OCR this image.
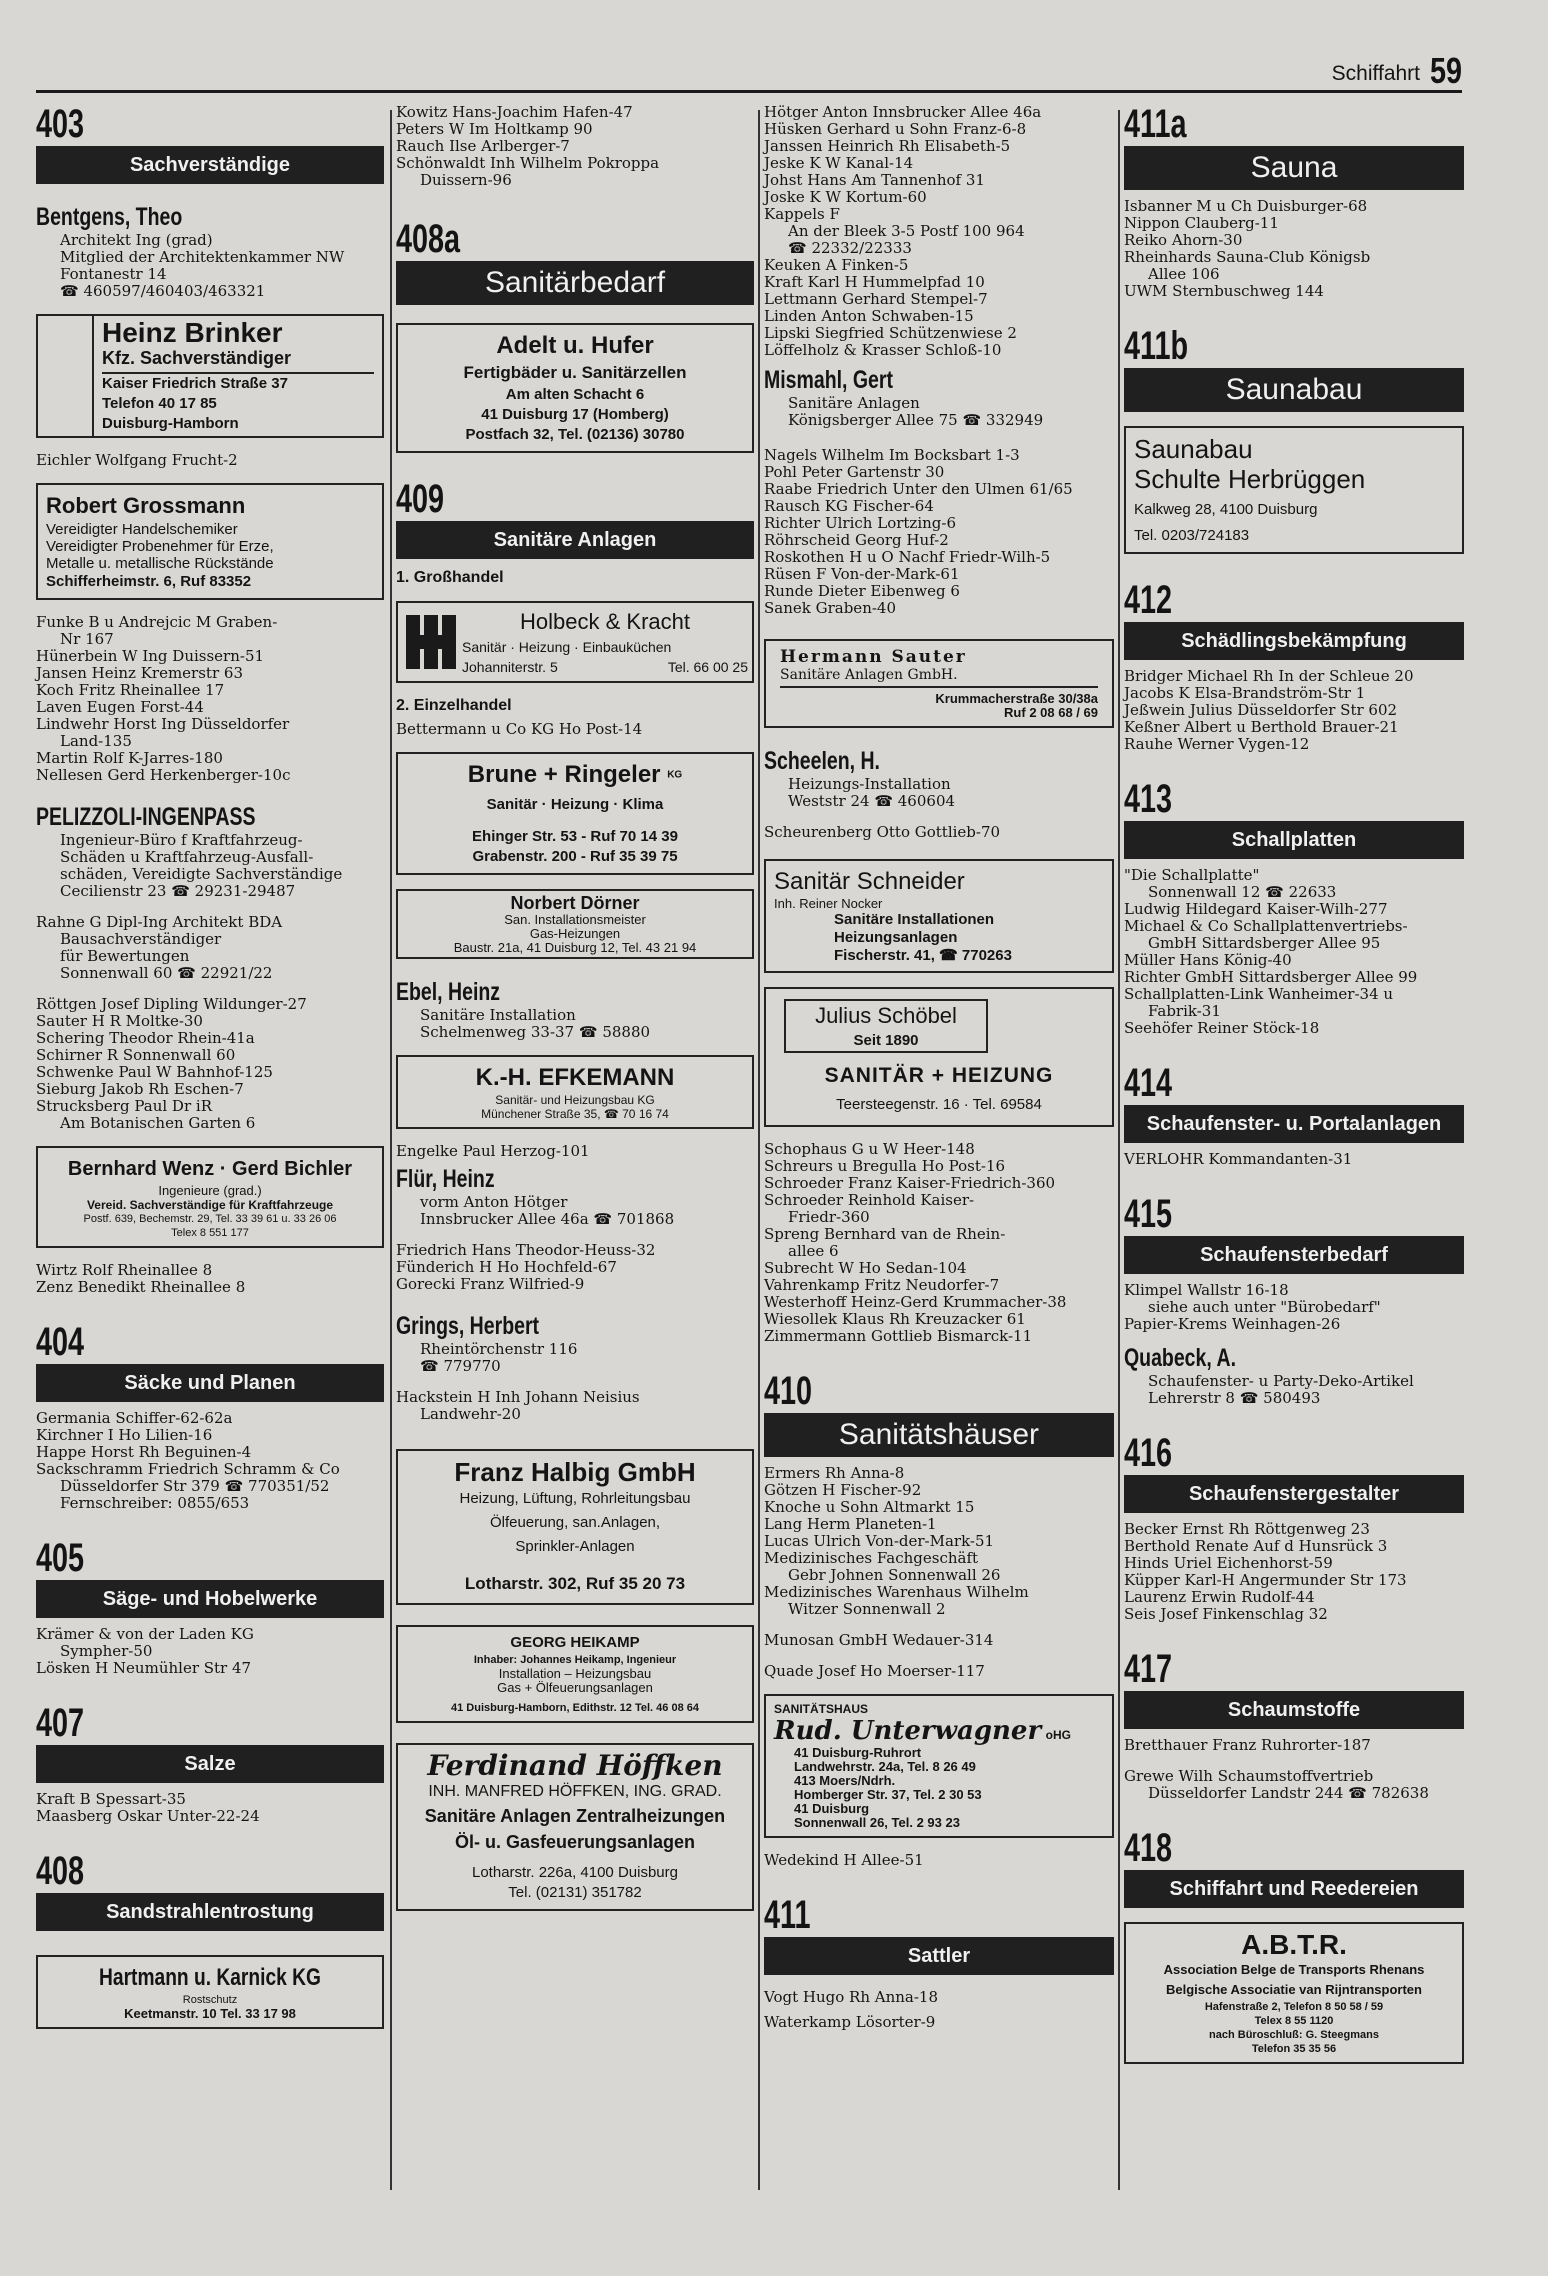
Schiffahrt 59
403
Sachverständige
Bentgens, Theo

Architekt Ing (grad)

Mitglied der Architektenkammer NW

Fontanestr 14

☎ 460597/460403/463321

Heinz Brinker
Kfz. Sachverständiger
Kaiser Friedrich Straße 37
Telefon 40 17 85
Duisburg-Hamborn

Eichler Wolfgang Frucht-2

Robert Grossmann
Vereidigter Handelschemiker
Vereidigter Probenehmer für Erze,
Metalle u. metallische Rückstände
Schifferheimstr. 6, Ruf 83352

Funke B u Andrejcic M Graben-

Nr 167

Hünerbein W Ing Duissern-51

Jansen Heinz Kremerstr 63

Koch Fritz Rheinallee 17

Laven Eugen Forst-44

Lindwehr Horst Ing Düsseldorfer

Land-135

Martin Rolf K-Jarres-180

Nellesen Gerd Herkenberger-10c

PELIZZOLI-INGENPASS

Ingenieur-Büro f Kraftfahrzeug-

Schäden u Kraftfahrzeug-Ausfall-

schäden, Vereidigte Sachverständige

Cecilienstr 23 ☎ 29231-29487

Rahne G Dipl-Ing Architekt BDA

Bausachverständiger

für Bewertungen

Sonnenwall 60 ☎ 22921/22

Röttgen Josef Dipling Wildunger-27

Sauter H R Moltke-30

Schering Theodor Rhein-41a

Schirner R Sonnenwall 60

Schwenke Paul W Bahnhof-125

Sieburg Jakob Rh Eschen-7

Strucksberg Paul Dr iR

Am Botanischen Garten 6

Bernhard Wenz · Gerd Bichler
Ingenieure (grad.)
Vereid. Sachverständige für Kraftfahrzeuge
Postf. 639, Bechemstr. 29, Tel. 33 39 61 u. 33 26 06
Telex 8 551 177

Wirtz Rolf Rheinallee 8

Zenz Benedikt Rheinallee 8

404
Säcke und Planen

Germania Schiffer-62-62a

Kirchner I Ho Lilien-16

Happe Horst Rh Beguinen-4

Sackschramm Friedrich Schramm & Co

Düsseldorfer Str 379 ☎ 770351/52

Fernschreiber: 0855/653

405
Säge- und Hobelwerke

Krämer & von der Laden KG

Sympher-50

Lösken H Neumühler Str 47

407
Salze

Kraft B Spessart-35

Maasberg Oskar Unter-22-24

408
Sandstrahlentrostung
Hartmann u. Karnick KG
Rostschutz
Keetmanstr. 10 Tel. 33 17 98

Kowitz Hans-Joachim Hafen-47

Peters W Im Holtkamp 90

Rauch Ilse Arlberger-7

Schönwaldt Inh Wilhelm Pokroppa

Duissern-96

408a
Sanitärbedarf
Adelt u. Hufer
Fertigbäder u. Sanitärzellen
Am alten Schacht 6
41 Duisburg 17 (Homberg)
Postfach 32, Tel. (02136) 30780
409
Sanitäre Anlagen
1. Großhandel
Holbeck & Kracht
Sanitär · Heizung · Einbauküchen
Johanniterstr. 5	Tel. 66 00 25
2. Einzelhandel

Bettermann u Co KG Ho Post-14

Brune + Ringeler KG
Sanitär · Heizung · Klima
Ehinger Str. 53 - Ruf 70 14 39
Grabenstr. 200 - Ruf 35 39 75
Norbert Dörner
San. Installationsmeister
Gas-Heizungen
Baustr. 21a, 41 Duisburg 12, Tel. 43 21 94
Ebel, Heinz

Sanitäre Installation

Schelmenweg 33-37 ☎ 58880

K.-H. EFKEMANN
Sanitär- und Heizungsbau KG
Münchener Straße 35, ☎ 70 16 74

Engelke Paul Herzog-101

Flür, Heinz

vorm Anton Hötger

Innsbrucker Allee 46a ☎ 701868

Friedrich Hans Theodor-Heuss-32

Fünderich H Ho Hochfeld-67

Gorecki Franz Wilfried-9

Grings, Herbert

Rheintörchenstr 116

☎ 779770

Hackstein H Inh Johann Neisius

Landwehr-20

Franz Halbig GmbH
Heizung, Lüftung, Rohrleitungsbau
Ölfeuerung, san.Anlagen,
Sprinkler-Anlagen
Lotharstr. 302, Ruf 35 20 73
GEORG HEIKAMP
Inhaber: Johannes Heikamp, Ingenieur
Installation – Heizungsbau
Gas + Ölfeuerungsanlagen
41 Duisburg-Hamborn, Edithstr. 12 Tel. 46 08 64
Ferdinand Höffken
INH. MANFRED HÖFFKEN, ING. GRAD.
Sanitäre Anlagen Zentralheizungen
Öl- u. Gasfeuerungsanlagen
Lotharstr. 226a, 4100 Duisburg
Tel. (02131) 351782

Hötger Anton Innsbrucker Allee 46a

Hüsken Gerhard u Sohn Franz-6-8

Janssen Heinrich Rh Elisabeth-5

Jeske K W Kanal-14

Johst Hans Am Tannenhof 31

Joske K W Kortum-60

Kappels F

An der Bleek 3-5 Postf 100 964

☎ 22332/22333

Keuken A Finken-5

Kraft Karl H Hummelpfad 10

Lettmann Gerhard Stempel-7

Linden Anton Schwaben-15

Lipski Siegfried Schützenwiese 2

Löffelholz & Krasser Schloß-10

Mismahl, Gert

Sanitäre Anlagen

Königsberger Allee 75 ☎ 332949

Nagels Wilhelm Im Bocksbart 1-3

Pohl Peter Gartenstr 30

Raabe Friedrich Unter den Ulmen 61/65

Rausch KG Fischer-64

Richter Ulrich Lortzing-6

Röhrscheid Georg Huf-2

Roskothen H u O Nachf Friedr-Wilh-5

Rüsen F Von-der-Mark-61

Runde Dieter Eibenweg 6

Sanek Graben-40

Hermann Sauter
Sanitäre Anlagen GmbH.
Krummacherstraße 30/38a
Ruf 2 08 68 / 69
Scheelen, H.

Heizungs-Installation

Weststr 24 ☎ 460604

Scheurenberg Otto Gottlieb-70

Sanitär Schneider
Inh. Reiner Nocker
Sanitäre Installationen
Heizungsanlagen
Fischerstr. 41, ☎ 770263
Julius Schöbel
Seit 1890
SANITÄR + HEIZUNG
Teersteegenstr. 16 · Tel. 69584

Schophaus G u W Heer-148

Schreurs u Bregulla Ho Post-16

Schroeder Franz Kaiser-Friedrich-360

Schroeder Reinhold Kaiser-

Friedr-360

Spreng Bernhard van de Rhein-

allee 6

Subrecht W Ho Sedan-104

Vahrenkamp Fritz Neudorfer-7

Westerhoff Heinz-Gerd Krummacher-38

Wiesollek Klaus Rh Kreuzacker 61

Zimmermann Gottlieb Bismarck-11

410
Sanitätshäuser

Ermers Rh Anna-8

Götzen H Fischer-92

Knoche u Sohn Altmarkt 15

Lang Herm Planeten-1

Lucas Ulrich Von-der-Mark-51

Medizinisches Fachgeschäft

Gebr Johnen Sonnenwall 26

Medizinisches Warenhaus Wilhelm

Witzer Sonnenwall 2

Munosan GmbH Wedauer-314

Quade Josef Ho Moerser-117

SANITÄTSHAUS
Rud. Unterwagner oHG
41 Duisburg-Ruhrort
Landwehrstr. 24a, Tel. 8 26 49
413 Moers/Ndrh.
Homberger Str. 37, Tel. 2 30 53
41 Duisburg
Sonnenwall 26, Tel. 2 93 23

Wedekind H Allee-51

411
Sattler

Vogt Hugo Rh Anna-18

Waterkamp Lösorter-9

411a
Sauna

Isbanner M u Ch Duisburger-68

Nippon Clauberg-11

Reiko Ahorn-30

Rheinhards Sauna-Club Königsb

Allee 106

UWM Sternbuschweg 144

411b
Saunabau
Saunabau
Schulte Herbrüggen
Kalkweg 28, 4100 Duisburg
Tel. 0203/724183
412
Schädlingsbekämpfung

Bridger Michael Rh In der Schleue 20

Jacobs K Elsa-Brandström-Str 1

Jeßwein Julius Düsseldorfer Str 602

Keßner Albert u Berthold Brauer-21

Rauhe Werner Vygen-12

413
Schallplatten

"Die Schallplatte"

Sonnenwall 12 ☎ 22633

Ludwig Hildegard Kaiser-Wilh-277

Michael & Co Schallplattenvertriebs-

GmbH Sittardsberger Allee 95

Müller Hans König-40

Richter GmbH Sittardsberger Allee 99

Schallplatten-Link Wanheimer-34 u

Fabrik-31

Seehöfer Reiner Stöck-18

414
Schaufenster- u. Portalanlagen

VERLOHR Kommandanten-31

415
Schaufensterbedarf

Klimpel Wallstr 16-18

siehe auch unter "Bürobedarf"

Papier-Krems Weinhagen-26

Quabeck, A.

Schaufenster- u Party-Deko-Artikel

Lehrerstr 8 ☎ 580493

416
Schaufenstergestalter

Becker Ernst Rh Röttgenweg 23

Berthold Renate Auf d Hunsrück 3

Hinds Uriel Eichenhorst-59

Küpper Karl-H Angermunder Str 173

Laurenz Erwin Rudolf-44

Seis Josef Finkenschlag 32

417
Schaumstoffe

Bretthauer Franz Ruhrorter-187

Grewe Wilh Schaumstoffvertrieb

Düsseldorfer Landstr 244 ☎ 782638

418
Schiffahrt und Reedereien
A.B.T.R.
Association Belge de Transports Rhenans
Belgische Associatie van Rijntransporten
Hafenstraße 2, Telefon 8 50 58 / 59
Telex 8 55 1120
nach Büroschluß: G. Steegmans
Telefon 35 35 56
